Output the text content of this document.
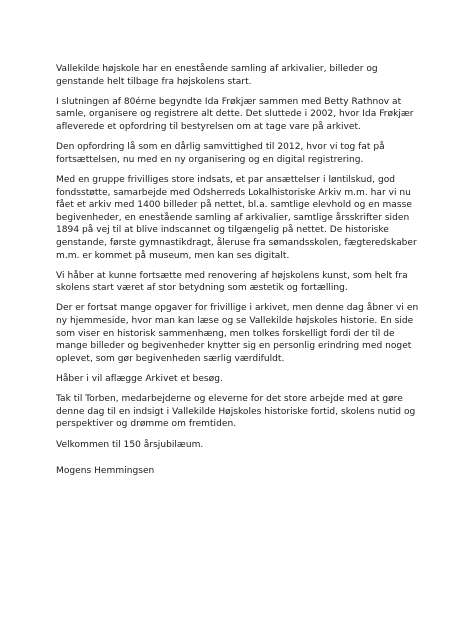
Vallekilde højskole har en enestående samling af arkivalier, billeder og
genstande helt tilbage fra højskolens start.

I slutningen af 80érne begyndte Ida Frøkjær sammen med Betty Rathnov at
samle, organisere og registrere alt dette. Det sluttede i 2002, hvor Ida Frøkjær
afleverede et opfordring til bestyrelsen om at tage vare på arkivet.

Den opfordring lå som en dårlig samvittighed til 2012, hvor vi tog fat på
fortsættelsen, nu med en ny organisering og en digital registrering.

Med en gruppe frivilliges store indsats, et par ansættelser i løntilskud, god
fondsstøtte, samarbejde med Odsherreds Lokalhistoriske Arkiv m.m. har vi nu
fået et arkiv med 1400 billeder på nettet, bl.a. samtlige elevhold og en masse
begivenheder, en enestående samling af arkivalier, samtlige årsskrifter siden
1894 på vej til at blive indscannet og tilgængelig på nettet. De historiske
genstande, første gymnastikdragt, åleruse fra sømandsskolen, fægteredskaber
m.m. er kommet på museum, men kan ses digitalt.

Vi håber at kunne fortsætte med renovering af højskolens kunst, som helt fra
skolens start været af stor betydning som æstetik og fortælling.

Der er fortsat mange opgaver for frivillige i arkivet, men denne dag åbner vi en
ny hjemmeside, hvor man kan læse og se Vallekilde højskoles historie. En side
som viser en historisk sammenhæng, men tolkes forskelligt fordi der til de
mange billeder og begivenheder knytter sig en personlig erindring med noget
oplevet, som gør begivenheden særlig værdifuldt.

Håber i vil aflægge Arkivet et besøg.

Tak til Torben, medarbejderne og eleverne for det store arbejde med at gøre
denne dag til en indsigt i Vallekilde Højskoles historiske fortid, skolens nutid og
perspektiver og drømme om fremtiden.

Velkommen til 150 årsjubilæum.

Mogens Hemmingsen
